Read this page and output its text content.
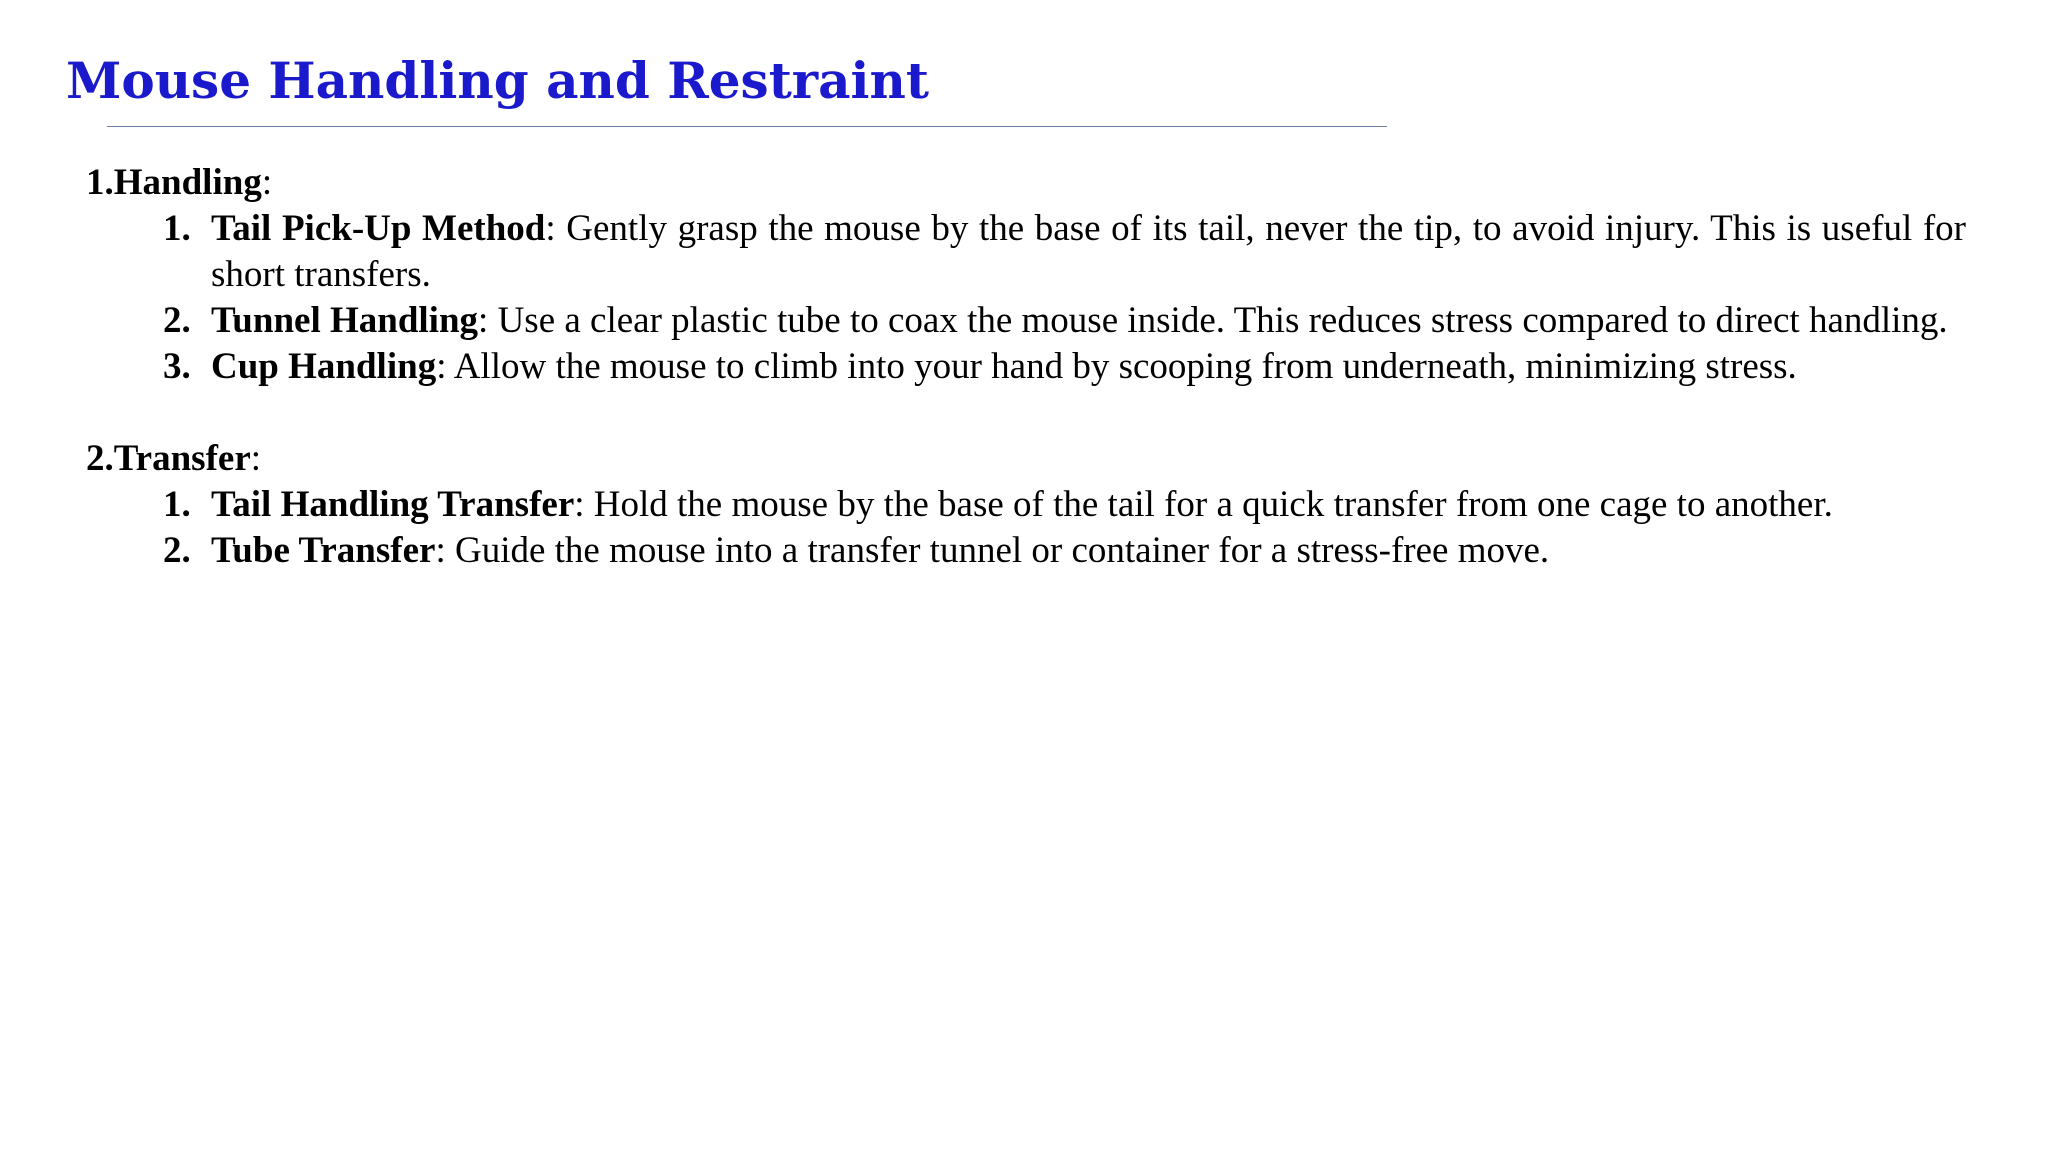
Mouse Handling and Restraint

1.Handling:

1. Tail Pick-Up Method: Gently grasp the mouse by the base of its tail, never the tip, to avoid injury. This is useful for short transfers.
2. Tunnel Handling: Use a clear plastic tube to coax the mouse inside. This reduces stress compared to direct handling.
3. Cup Handling: Allow the mouse to climb into your hand by scooping from underneath, minimizing stress.

2.Transfer:

1. Tail Handling Transfer: Hold the mouse by the base of the tail for a quick transfer from one cage to another.
2. Tube Transfer: Guide the mouse into a transfer tunnel or container for a stress-free move.
